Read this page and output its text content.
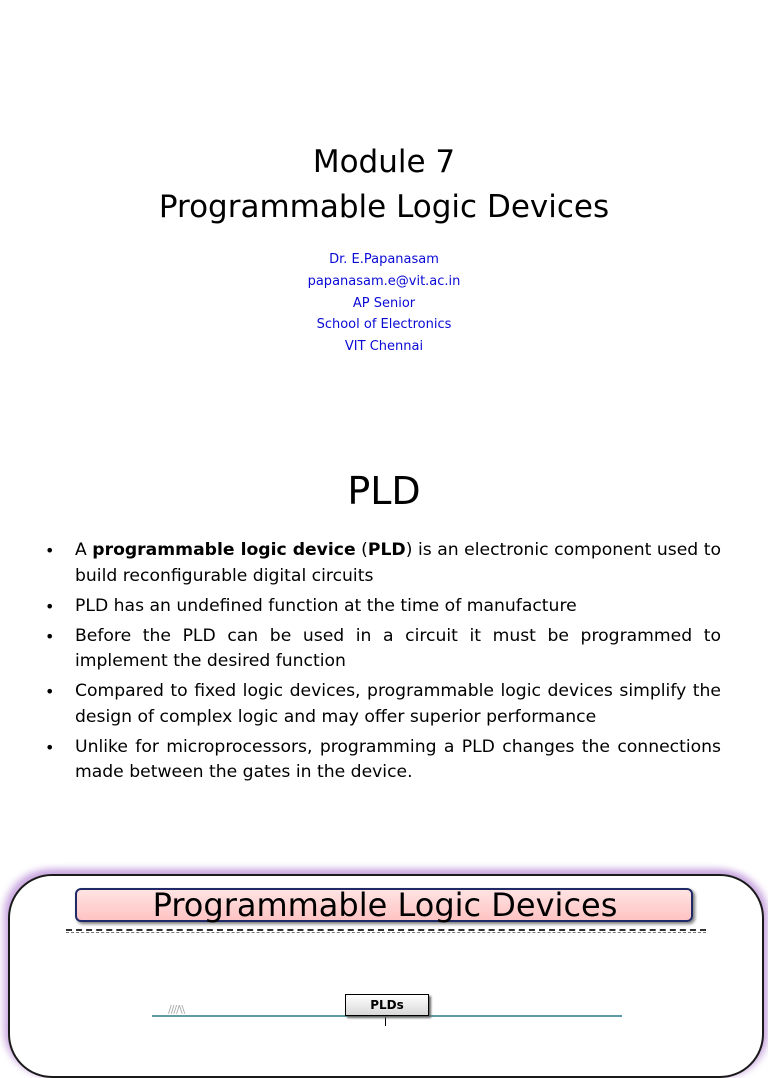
Module 7
Programmable Logic Devices
Dr. E.Papanasam
papanasam.e@vit.ac.in
AP Senior
School of Electronics
VIT Chennai
PLD
• A programmable logic device (PLD) is an electronic component used to build reconfigurable digital circuits
• PLD has an undefined function at the time of manufacture
• Before the PLD can be used in a circuit it must be programmed to implement the desired function
• Compared to fixed logic devices, programmable logic devices simplify the design of complex logic and may offer superior performance
• Unlike for microprocessors, programming a PLD changes the connections made between the gates in the device.
Programmable Logic Devices
////\\	PLDs
